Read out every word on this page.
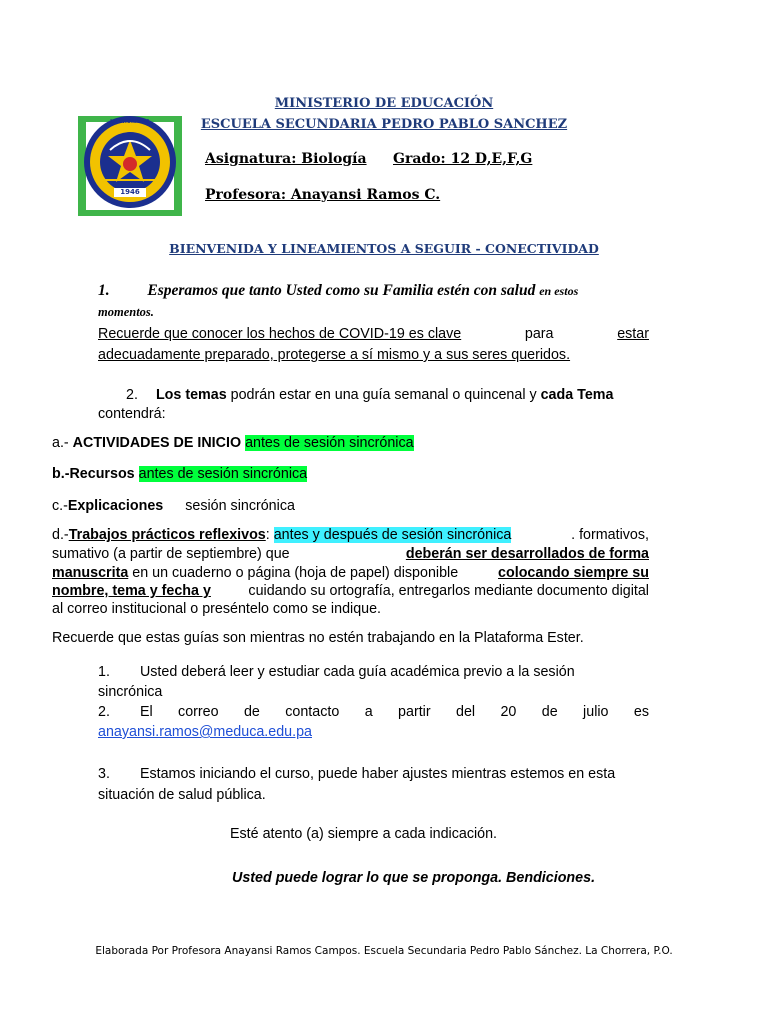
MINISTERIO DE EDUCACIÓN
ESCUELA SECUNDARIA PEDRO PABLO SANCHEZ
1946
LA CHORRERA
Asignatura: Biología Grado: 12 D,E,F,G
Profesora: Anayansi Ramos C.
BIENVENIDA Y LINEAMIENTOS A SEGUIR - CONECTIVIDAD
1. Esperamos que tanto Usted como su Familia estén con salud en estos
momentos.
Recuerde que conocer los hechos de COVID-19 es clave	para	estar
adecuadamente preparado, protegerse a sí mismo y a sus seres queridos.
2. Los temas podrán estar en una guía semanal o quincenal y cada Tema
contendrá:
a.- ACTIVIDADES DE INICIO antes de sesión sincrónica
b.-Recursos antes de sesión sincrónica
c.-Explicaciones sesión sincrónica
d.-Trabajos prácticos reflexivos: antes y después de sesión sincrónica	. formativos,
sumativo (a partir de septiembre) que	deberán ser desarrollados de forma
manuscrita en un cuaderno o página (hoja de papel) disponible	colocando siempre su
nombre, tema y fecha y	cuidando su ortografía, entregarlos mediante documento digital
al correo institucional o preséntelo como se indique.
Recuerde que estas guías son mientras no estén trabajando en la Plataforma Ester.
1. Usted deberá leer y estudiar cada guía académica previo a la sesión
sincrónica
2. El correo de contacto a partir del 20 de julio es
anayansi.ramos@meduca.edu.pa
3. Estamos iniciando el curso, puede haber ajustes mientras estemos en esta
situación de salud pública.
Esté atento (a) siempre a cada indicación.
Usted puede lograr lo que se proponga. Bendiciones.
Elaborada Por Profesora Anayansi Ramos Campos. Escuela Secundaria Pedro Pablo Sánchez. La Chorrera, P.O.
